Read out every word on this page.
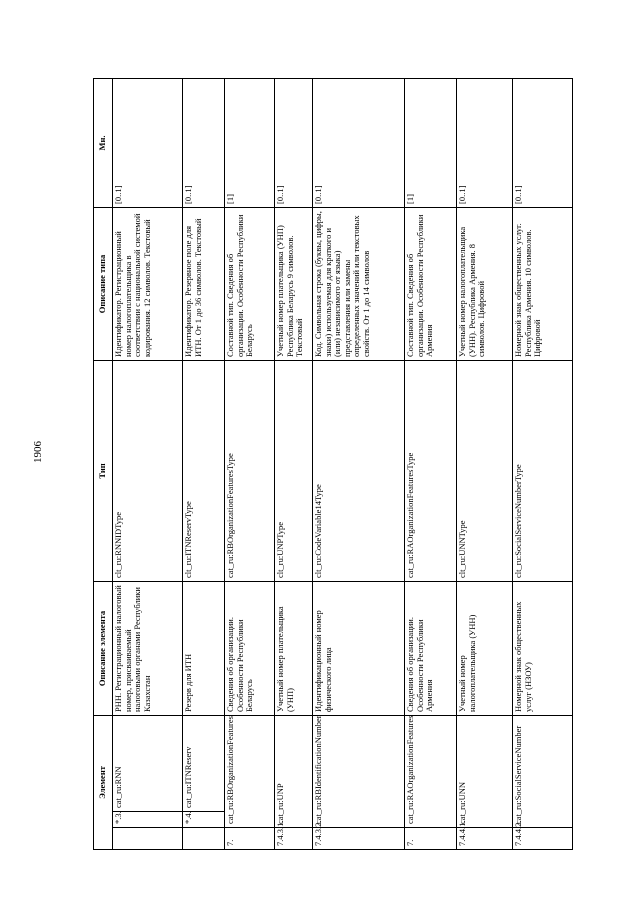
1906
Элемент			Описание элемента	Тип	Описание типа	Мн.
	*.3.	cat_ru:RNN	РНН. Регистрационный налоговый номер, присваиваемый налоговыми органами Республики Казахстан	clt_ru:RNNIDType	Идентификатор. Регистрационный номер налогоплательщика в соответствии с национальной системой кодирования. 12 символов. Текстовый	[0..1]
	*.4.	cat_ru:ITNReserv	Резерв для ИТН	clt_ru:ITNReservType	Идентификатор. Резервное поле для ИТН. От 1 до 36 символов. Текстовый	[0..1]
7.	cat_ru:RBOrganizationFeatures		Сведения об организации. Особенности Республики Беларусь	cat_ru:RBOrganizationFeaturesType	Составной тип. Сведения об организации. Особенности Республики Беларусь	[1]
7.4.3.1.	cat_ru:UNP		Учетный номер плательщика (УНП)	clt_ru:UNPType	Учетный номер плательщика (УНП) Республика Беларусь 9 символов. Текстовый	[0..1]
7.4.3.2.	cat_ru:RBIdentificationNumber		Идентификационный номер физического лица	clt_ru:CodeVariable14Type	Код. Символьная строка (буквы, цифры, знаки) используемая для краткого и (или) независимого от языка) представления или замены определенных значений или текстовых свойств. От 1 до 14 символов	[0..1]
7.	cat_ru:RAOrganizationFeatures		Сведения об организации. Особенности Республики Армения	cat_ru:RAOrganizationFeaturesType	Составной тип. Сведения об организации. Особенности Республики Армения	[1]
7.4.4.1.	cat_ru:UNN		Учетный номер налогоплательщика (УНН)	clt_ru:UNNType	Учетный номер налогоплательщика (УНН). Республика Армения. 8 символов. Цифровой	[0..1]
7.4.4.2.	cat_ru:SocialServiceNumber		Номерной знак общественных услуг (НЗОУ)	clt_ru:SocialServiceNumberType	Номерной знак общественных услуг. Республика Армения. 10 символов. Цифровой	[0..1]
